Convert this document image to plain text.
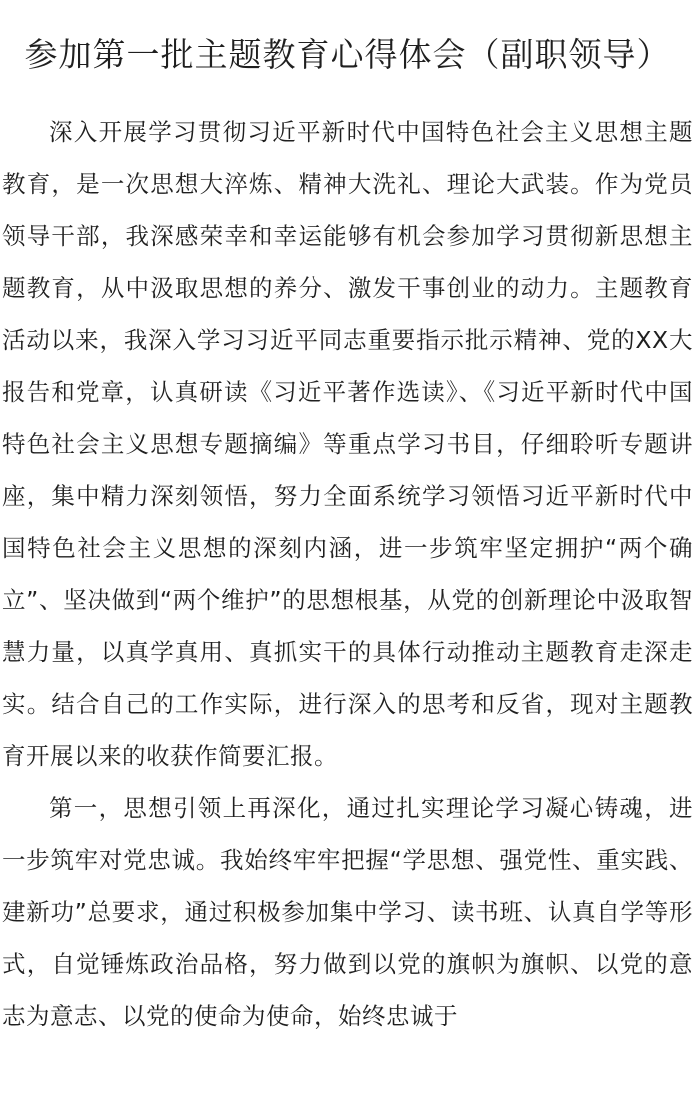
参加第一批主题教育心得体会（副职领导）

深入开展学习贯彻习近平新时代中国特色社会主义思想主题教育，是一次思想大淬炼、精神大洗礼、理论大武装。作为党员领导干部，我深感荣幸和幸运能够有机会参加学习贯彻新思想主题教育，从中汲取思想的养分、激发干事创业的动力。主题教育活动以来，我深入学习习近平同志重要指示批示精神、党的XX大报告和党章，认真研读《习近平著作选读》、《习近平新时代中国特色社会主义思想专题摘编》等重点学习书目，仔细聆听专题讲座，集中精力深刻领悟，努力全面系统学习领悟习近平新时代中国特色社会主义思想的深刻内涵，进一步筑牢坚定拥护“两个确立”、坚决做到“两个维护”的思想根基，从党的创新理论中汲取智慧力量，以真学真用、真抓实干的具体行动推动主题教育走深走实。结合自己的工作实际，进行深入的思考和反省，现对主题教育开展以来的收获作简要汇报。

第一，思想引领上再深化，通过扎实理论学习凝心铸魂，进一步筑牢对党忠诚。我始终牢牢把握“学思想、强党性、重实践、建新功”总要求，通过积极参加集中学习、读书班、认真自学等形式，自觉锤炼政治品格，努力做到以党的旗帜为旗帜、以党的意志为意志、以党的使命为使命，始终忠诚于
